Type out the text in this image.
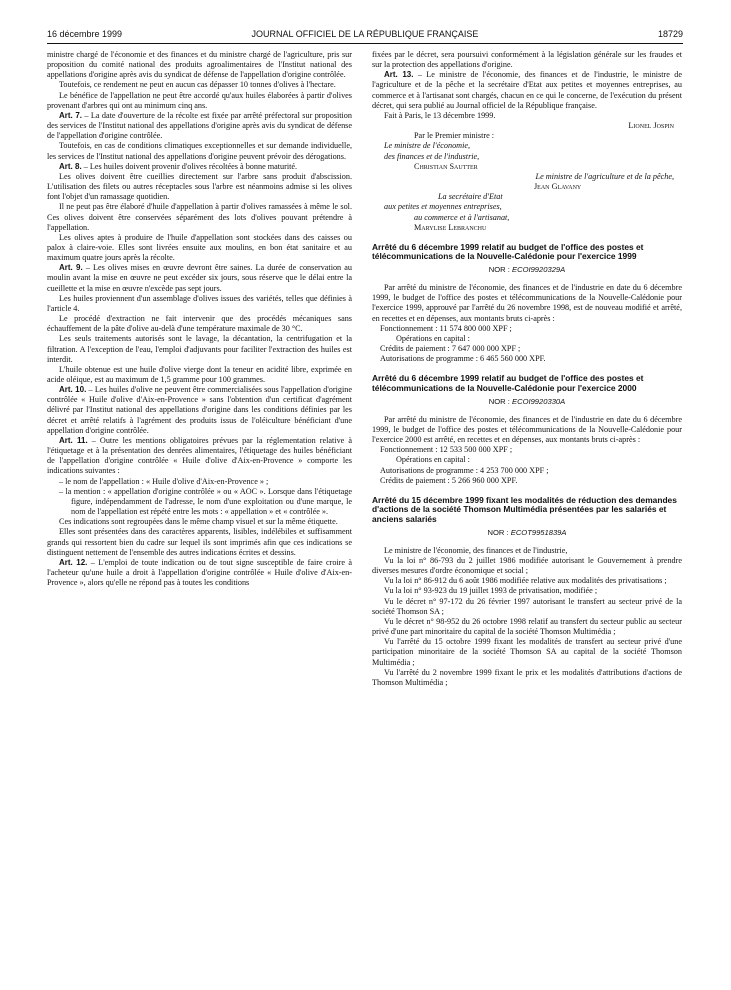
16 décembre 1999	JOURNAL OFFICIEL DE LA RÉPUBLIQUE FRANÇAISE	18729

ministre chargé de l'économie et des finances et du ministre chargé de l'agriculture, pris sur proposition du comité national des produits agroalimentaires de l'Institut national des appellations d'origine après avis du syndicat de défense de l'appellation d'origine contrôlée.

Toutefois, ce rendement ne peut en aucun cas dépasser 10 tonnes d'olives à l'hectare.

Le bénéfice de l'appellation ne peut être accordé qu'aux huiles élaborées à partir d'olives provenant d'arbres qui ont au minimum cinq ans.

Art. 7. – La date d'ouverture de la récolte est fixée par arrêté préfectoral sur proposition des services de l'Institut national des appellations d'origine après avis du syndicat de défense de l'appellation d'origine contrôlée.

Toutefois, en cas de conditions climatiques exceptionnelles et sur demande individuelle, les services de l'Institut national des appellations d'origine peuvent prévoir des dérogations.

Art. 8. – Les huiles doivent provenir d'olives récoltées à bonne maturité.

Les olives doivent être cueillies directement sur l'arbre sans produit d'abscission. L'utilisation des filets ou autres réceptacles sous l'arbre est néanmoins admise si les olives font l'objet d'un ramassage quotidien.

Il ne peut pas être élaboré d'huile d'appellation à partir d'olives ramassées à même le sol. Ces olives doivent être conservées séparément des lots d'olives pouvant prétendre à l'appellation.

Les olives aptes à produire de l'huile d'appellation sont stockées dans des caisses ou palox à claire-voie. Elles sont livrées ensuite aux moulins, en bon état sanitaire et au maximum quatre jours après la récolte.

Art. 9. – Les olives mises en œuvre devront être saines. La durée de conservation au moulin avant la mise en œuvre ne peut excéder six jours, sous réserve que le délai entre la cueillette et la mise en œuvre n'excède pas sept jours.

Les huiles proviennent d'un assemblage d'olives issues des variétés, telles que définies à l'article 4.

Le procédé d'extraction ne fait intervenir que des procédés mécaniques sans échauffement de la pâte d'olive au-delà d'une température maximale de 30 °C.

Les seuls traitements autorisés sont le lavage, la décantation, la centrifugation et la filtration. A l'exception de l'eau, l'emploi d'adjuvants pour faciliter l'extraction des huiles est interdit.

L'huile obtenue est une huile d'olive vierge dont la teneur en acidité libre, exprimée en acide oléique, est au maximum de 1,5 gramme pour 100 grammes.

Art. 10. – Les huiles d'olive ne peuvent être commercialisées sous l'appellation d'origine contrôlée « Huile d'olive d'Aix-en-Provence » sans l'obtention d'un certificat d'agrément délivré par l'Institut national des appellations d'origine dans les conditions définies par les décret et arrêté relatifs à l'agrément des produits issus de l'oléiculture bénéficiant d'une appellation d'origine contrôlée.

Art. 11. – Outre les mentions obligatoires prévues par la réglementation relative à l'étiquetage et à la présentation des denrées alimentaires, l'étiquetage des huiles bénéficiant de l'appellation d'origine contrôlée « Huile d'olive d'Aix-en-Provence » comporte les indications suivantes :

– le nom de l'appellation : « Huile d'olive d'Aix-en-Provence » ;

– la mention : « appellation d'origine contrôlée » ou « AOC ». Lorsque dans l'étiquetage figure, indépendamment de l'adresse, le nom d'une exploitation ou d'une marque, le nom de l'appellation est répété entre les mots : « appellation » et « contrôlée ».

Ces indications sont regroupées dans le même champ visuel et sur la même étiquette.

Elles sont présentées dans des caractères apparents, lisibles, indélébiles et suffisamment grands qui ressortent bien du cadre sur lequel ils sont imprimés afin que ces indications se distinguent nettement de l'ensemble des autres indications écrites et dessins.

Art. 12. – L'emploi de toute indication ou de tout signe susceptible de faire croire à l'acheteur qu'une huile a droit à l'appellation d'origine contrôlée « Huile d'olive d'Aix-en-Provence », alors qu'elle ne répond pas à toutes les conditions

fixées par le décret, sera poursuivi conformément à la législation générale sur les fraudes et sur la protection des appellations d'origine.

Art. 13. – Le ministre de l'économie, des finances et de l'industrie, le ministre de l'agriculture et de la pêche et la secrétaire d'Etat aux petites et moyennes entreprises, au commerce et à l'artisanat sont chargés, chacun en ce qui le concerne, de l'exécution du présent décret, qui sera publié au Journal officiel de la République française.

Fait à Paris, le 13 décembre 1999.

Lionel Jospin

Par le Premier ministre :

Le ministre de l'économie,

des finances et de l'industrie,

Christian Sautter

Le ministre de l'agriculture et de la pêche,

Jean Glavany

La secrétaire d'Etat

aux petites et moyennes entreprises,

au commerce et à l'artisanat,

Marylise Lebranchu

Arrêté du 6 décembre 1999 relatif au budget de l'office des postes et télécommunications de la Nouvelle-Calédonie pour l'exercice 1999
NOR : ECOI9920329A

Par arrêté du ministre de l'économie, des finances et de l'industrie en date du 6 décembre 1999, le budget de l'office des postes et télécommunications de la Nouvelle-Calédonie pour l'exercice 1999, approuvé par l'arrêté du 26 novembre 1998, est de nouveau modifié et arrêté, en recettes et en dépenses, aux montants bruts ci-après :

Fonctionnement : 11 574 800 000 XPF ;

Opérations en capital :

Crédits de paiement : 7 647 000 000 XPF ;

Autorisations de programme : 6 465 560 000 XPF.

Arrêté du 6 décembre 1999 relatif au budget de l'office des postes et télécommunications de la Nouvelle-Calédonie pour l'exercice 2000
NOR : ECOI9920330A

Par arrêté du ministre de l'économie, des finances et de l'industrie en date du 6 décembre 1999, le budget de l'office des postes et télécommunications de la Nouvelle-Calédonie pour l'exercice 2000 est arrêté, en recettes et en dépenses, aux montants bruts ci-après :

Fonctionnement : 12 533 500 000 XPF ;

Opérations en capital :

Autorisations de programme : 4 253 700 000 XPF ;

Crédits de paiement : 5 266 960 000 XPF.

Arrêté du 15 décembre 1999 fixant les modalités de réduction des demandes d'actions de la société Thomson Multimédia présentées par les salariés et anciens salariés
NOR : ECOT9951839A

Le ministre de l'économie, des finances et de l'industrie,

Vu la loi n° 86-793 du 2 juillet 1986 modifiée autorisant le Gouvernement à prendre diverses mesures d'ordre économique et social ;

Vu la loi n° 86-912 du 6 août 1986 modifiée relative aux modalités des privatisations ;

Vu la loi n° 93-923 du 19 juillet 1993 de privatisation, modifiée ;

Vu le décret n° 97-172 du 26 février 1997 autorisant le transfert au secteur privé de la société Thomson SA ;

Vu le décret n° 98-952 du 26 octobre 1998 relatif au transfert du secteur public au secteur privé d'une part minoritaire du capital de la société Thomson Multimédia ;

Vu l'arrêté du 15 octobre 1999 fixant les modalités de transfert au secteur privé d'une participation minoritaire de la société Thomson SA au capital de la société Thomson Multimédia ;

Vu l'arrêté du 2 novembre 1999 fixant le prix et les modalités d'attributions d'actions de Thomson Multimédia ;
